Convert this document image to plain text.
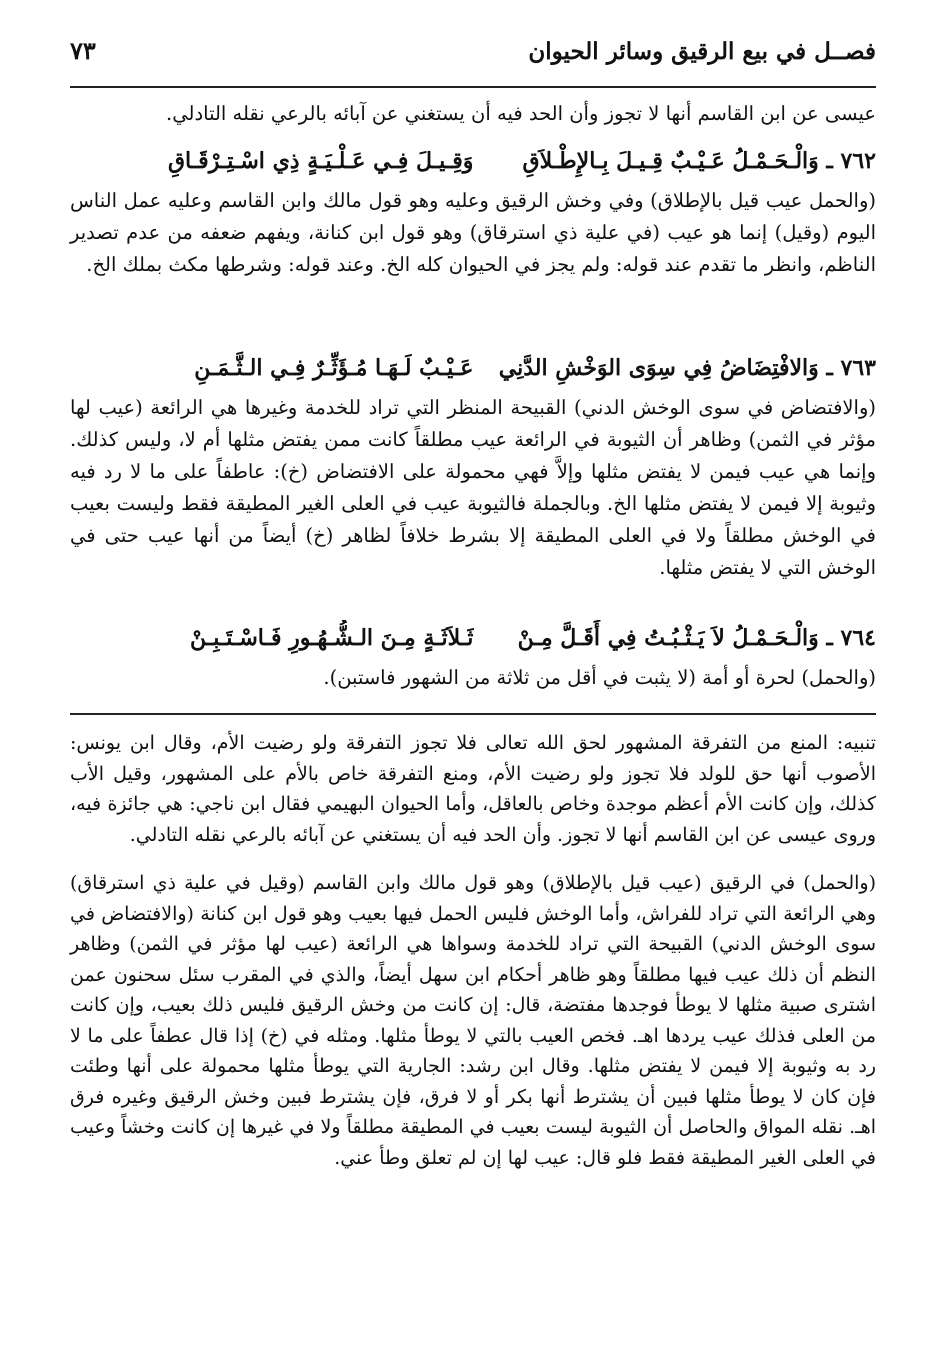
فصــل في بيع الرقيق وسائر الحيوان
٧٣

عيسى عن ابن القاسم أنها لا تجوز وأن الحد فيه أن يستغني عن آبائه بالرعي نقله التادلي.

٧٦٢ ـ وَالْـحَـمْـلُ عَـيْـبٌ قِـيـلَ بِـالإِطْـلاَقِ وَقِـيـلَ فِـي عَـلْـيَـةٍ ذِي اسْـتِـرْقَـاقِ

(والحمل عيب قيل بالإطلاق) وفي وخش الرقيق وعليه وهو قول مالك وابن القاسم وعليه عمل الناس اليوم (وقيل) إنما هو عيب (في علية ذي استرقاق) وهو قول ابن كنانة، ويفهم ضعفه من عدم تصدير الناظم، وانظر ما تقدم عند قوله: ولم يجز في الحيوان كله الخ. وعند قوله: وشرطها مكث بملك الخ.

٧٦٣ ـ وَالافْتِضَاضُ فِي سِوَى الوَخْشِ الدَّنِي عَـيْـبٌ لَـهَـا مُـؤَثِّـرٌ فِـي الـثَّـمَـنِ

(والافتضاض في سوى الوخش الدني) القبيحة المنظر التي تراد للخدمة وغيرها هي الرائعة (عيب لها مؤثر في الثمن) وظاهر أن الثيوبة في الرائعة عيب مطلقاً كانت ممن يفتض مثلها أم لا، وليس كذلك. وإنما هي عيب فيمن لا يفتض مثلها وإلاَّ فهي محمولة على الافتضاض (خ): عاطفاً على ما لا رد فيه وثيوبة إلا فيمن لا يفتض مثلها الخ. وبالجملة فالثيوبة عيب في العلى الغير المطيقة فقط وليست بعيب في الوخش مطلقاً ولا في العلى المطيقة إلا بشرط خلافاً لظاهر (خ) أيضاً من أنها عيب حتى في الوخش التي لا يفتض مثلها.

٧٦٤ ـ وَالْـحَـمْـلُ لاَ يَـثْـبُـتُ فِي أَقَـلَّ مِـنْ ثَـلاَثَـةٍ مِـنَ الـشُّـهُـورِ فَـاسْـتَـبِـنْ

(والحمل) لحرة أو أمة (لا يثبت في أقل من ثلاثة من الشهور فاستبن).

تنبيه: المنع من التفرقة المشهور لحق الله تعالى فلا تجوز التفرقة ولو رضيت الأم، وقال ابن يونس: الأصوب أنها حق للولد فلا تجوز ولو رضيت الأم، ومنع التفرقة خاص بالأم على المشهور، وقيل الأب كذلك، وإن كانت الأم أعظم موجدة وخاص بالعاقل، وأما الحيوان البهيمي فقال ابن ناجي: هي جائزة فيه، وروى عيسى عن ابن القاسم أنها لا تجوز. وأن الحد فيه أن يستغني عن آبائه بالرعي نقله التادلي.

(والحمل) في الرقيق (عيب قيل بالإطلاق) وهو قول مالك وابن القاسم (وقيل في علية ذي استرقاق) وهي الرائعة التي تراد للفراش، وأما الوخش فليس الحمل فيها بعيب وهو قول ابن كنانة (والافتضاض في سوى الوخش الدني) القبيحة التي تراد للخدمة وسواها هي الرائعة (عيب لها مؤثر في الثمن) وظاهر النظم أن ذلك عيب فيها مطلقاً وهو ظاهر أحكام ابن سهل أيضاً، والذي في المقرب سئل سحنون عمن اشترى صبية مثلها لا يوطأ فوجدها مفتضة، قال: إن كانت من وخش الرقيق فليس ذلك بعيب، وإن كانت من العلى فذلك عيب يردها اهـ. فخص العيب بالتي لا يوطأ مثلها. ومثله في (خ) إذا قال عطفاً على ما لا رد به وثيوبة إلا فيمن لا يفتض مثلها. وقال ابن رشد: الجارية التي يوطأ مثلها محمولة على أنها وطئت فإن كان لا يوطأ مثلها فبين أن يشترط أنها بكر أو لا فرق، فإن يشترط فبين وخش الرقيق وغيره فرق اهـ. نقله المواق والحاصل أن الثيوبة ليست بعيب في المطيقة مطلقاً ولا في غيرها إن كانت وخشاً وعيب في العلى الغير المطيقة فقط فلو قال: عيب لها إن لم تعلق وطأ عني.
